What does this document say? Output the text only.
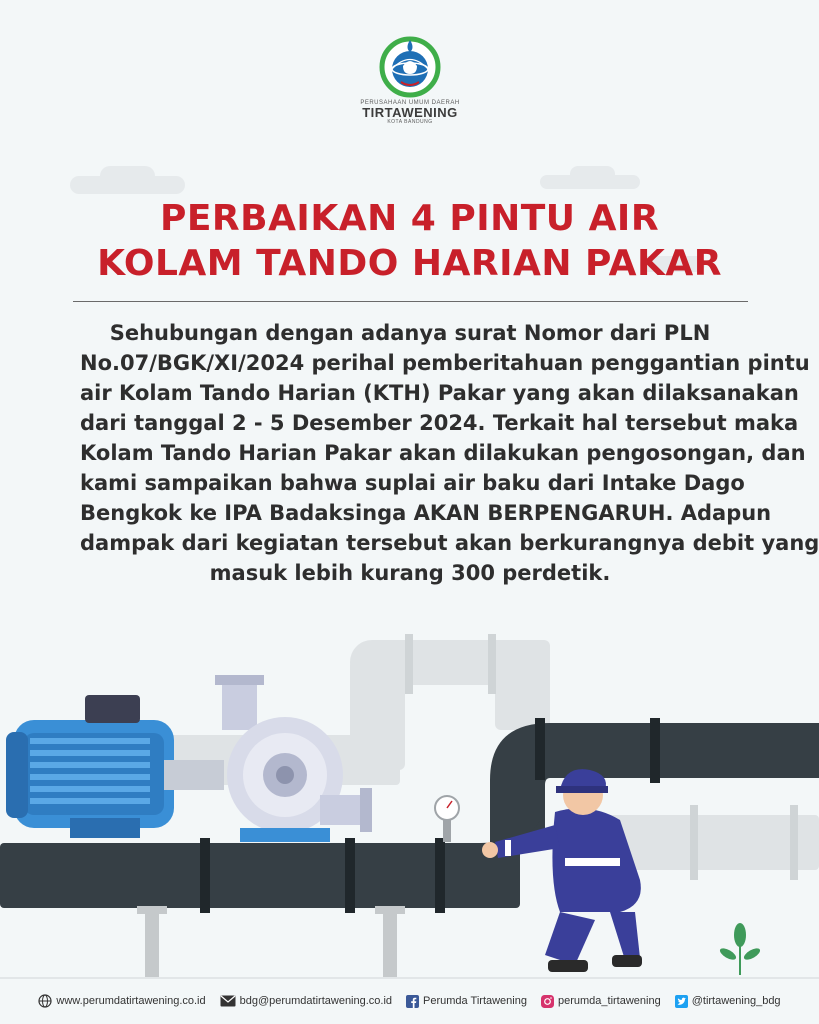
PERUSAHAAN UMUM DAERAH
TIRTAWENING
KOTA BANDUNG
PERBAIKAN 4 PINTU AIR
KOLAM TANDO HARIAN PAKAR
Sehubungan dengan adanya surat Nomor dari PLN
No.07/BGK/XI/2024 perihal pemberitahuan penggantian pintu
air Kolam Tando Harian (KTH) Pakar yang akan dilaksanakan
dari tanggal 2 - 5 Desember 2024. Terkait hal tersebut maka
Kolam Tando Harian Pakar akan dilakukan pengosongan, dan
kami sampaikan bahwa suplai air baku dari Intake Dago
Bengkok ke IPA Badaksinga AKAN BERPENGARUH. Adapun
dampak dari kegiatan tersebut akan berkurangnya debit yang
masuk lebih kurang 300 perdetik.
www.perumdatirtawening.co.id	bdg@perumdatirtawening.co.id	Perumda Tirtawening	perumda_tirtawening	@tirtawening_bdg
